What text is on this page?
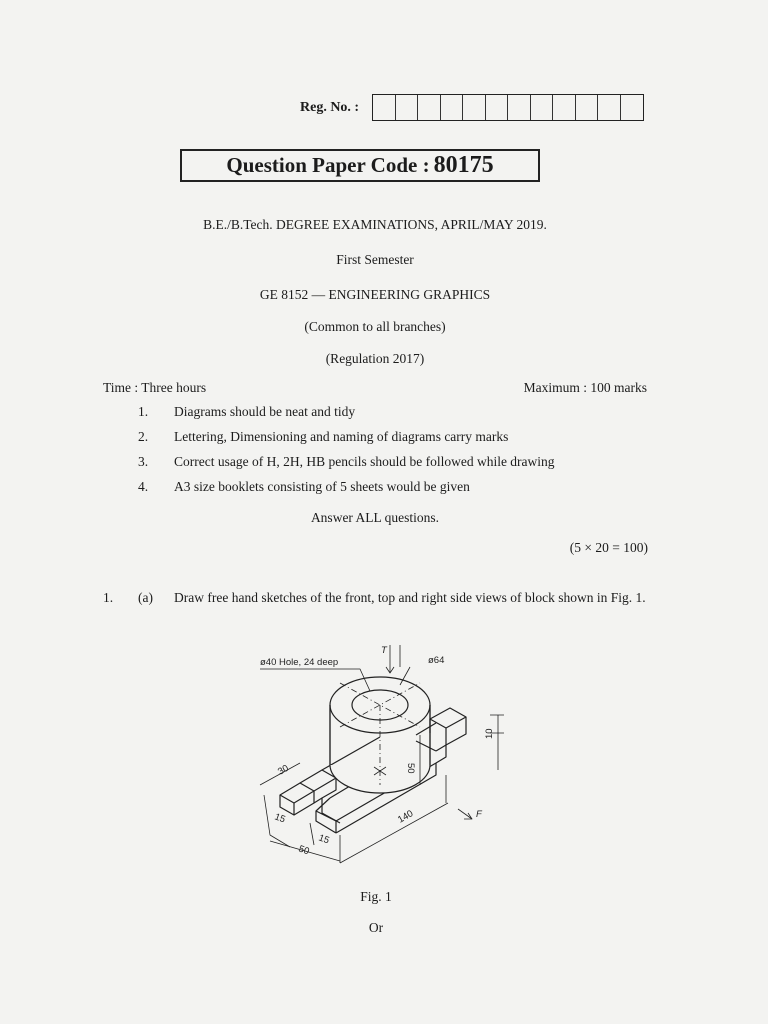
Reg. No. :
Question Paper Code : 80175
B.E./B.Tech. DEGREE EXAMINATIONS, APRIL/MAY 2019.
First Semester
GE 8152 — ENGINEERING GRAPHICS
(Common to all branches)
(Regulation 2017)
Time : Three hours	Maximum : 100 marks
1. Diagrams should be neat and tidy
2. Lettering, Dimensioning and naming of diagrams carry marks
3. Correct usage of H, 2H, HB pencils should be followed while drawing
4. A3 size booklets consisting of 5 sheets would be given
Answer ALL questions.
(5 × 20 = 100)
1. (a) Draw free hand sketches of the front, top and right side views of block shown in Fig. 1.
ø40 Hole, 24 deep	ø64
T
30	50
10
15
15
50
140	F
Fig. 1
Or
